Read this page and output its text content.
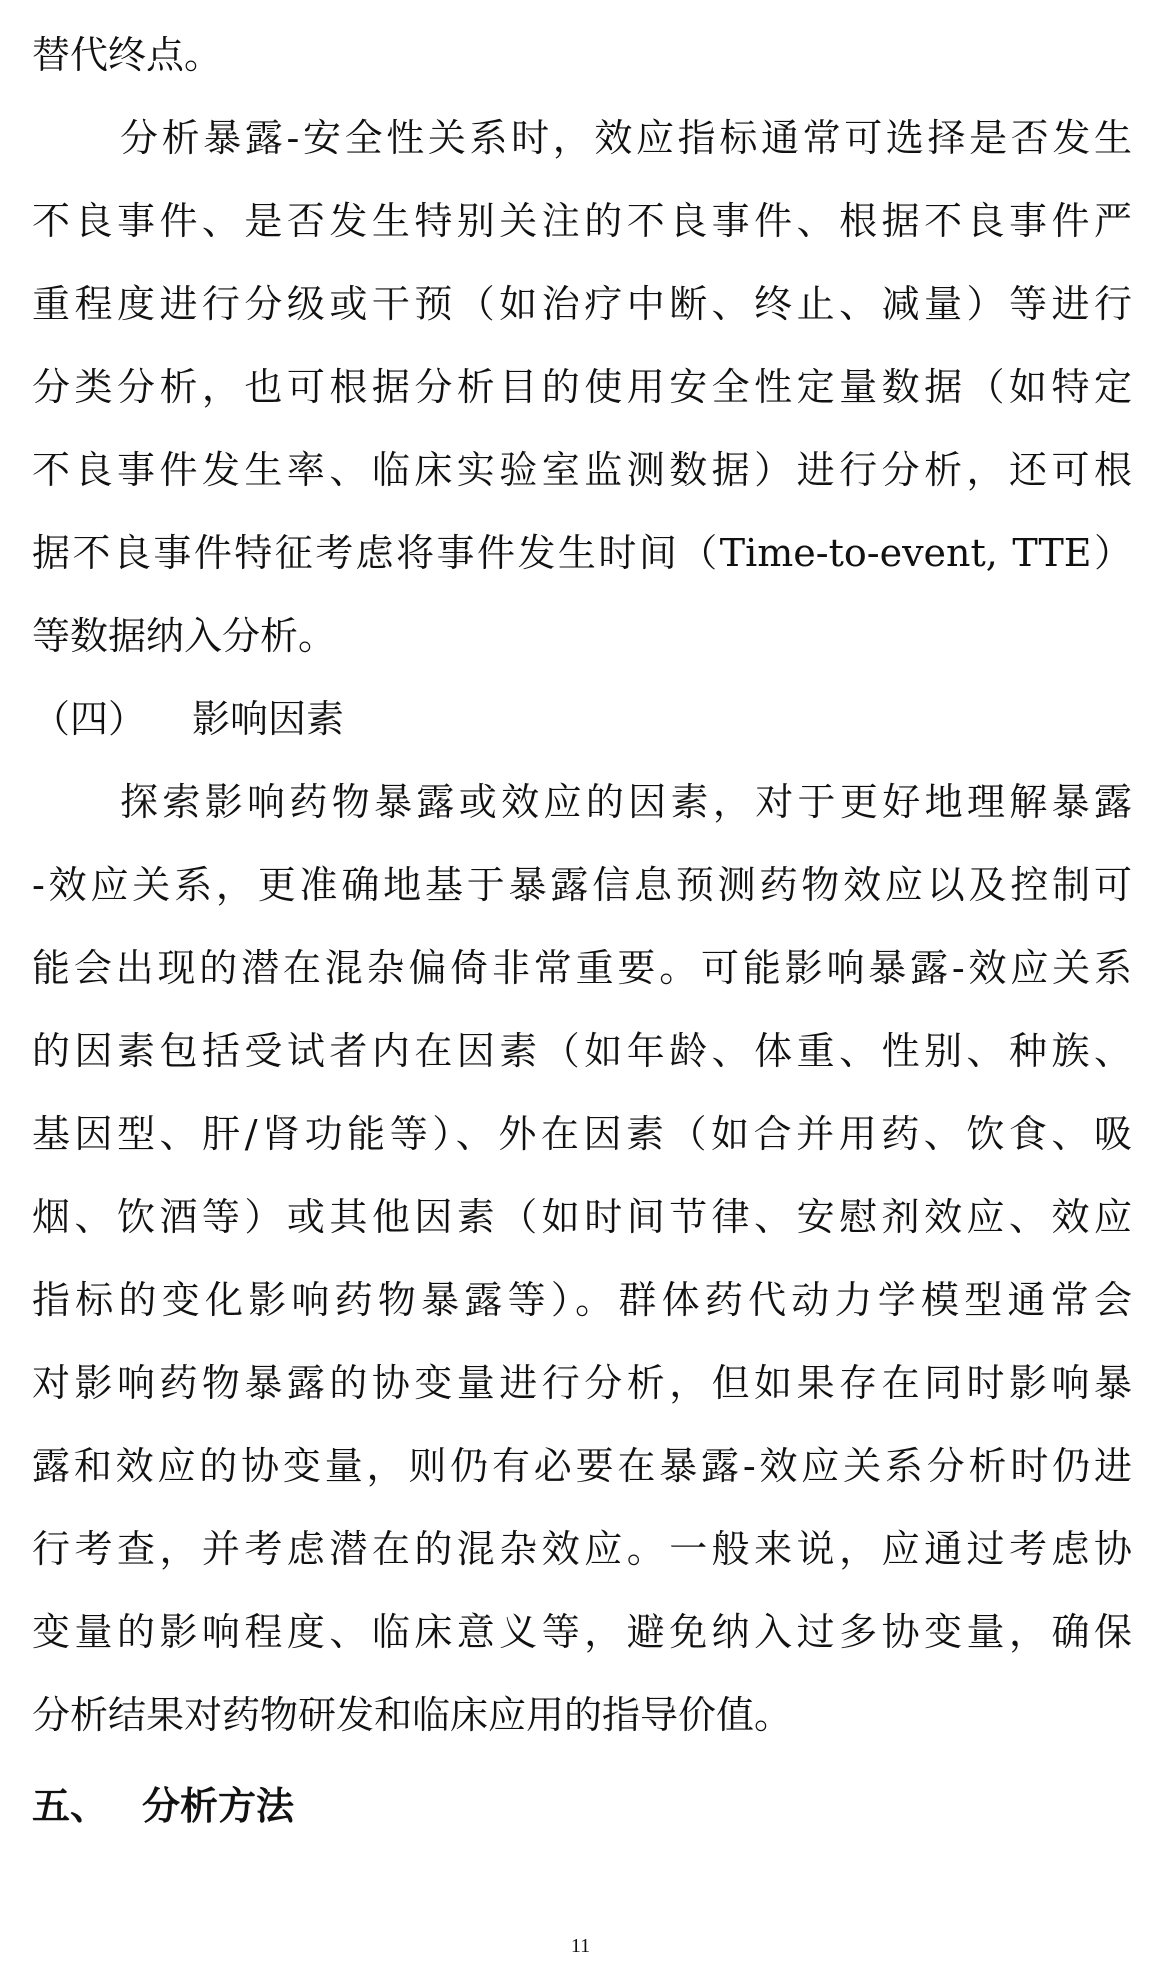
替代终点。
分析暴露-安全性关系时，效应指标通常可选择是否发生
不良事件、是否发生特别关注的不良事件、根据不良事件严
重程度进行分级或干预（如治疗中断、终止、减量）等进行
分类分析，也可根据分析目的使用安全性定量数据（如特定
不良事件发生率、临床实验室监测数据）进行分析，还可根
据不良事件特征考虑将事件发生时间（Time-to-event, TTE）
等数据纳入分析。
（四）	影响因素
探索影响药物暴露或效应的因素，对于更好地理解暴露
-效应关系，更准确地基于暴露信息预测药物效应以及控制可
能会出现的潜在混杂偏倚非常重要。可能影响暴露-效应关系
的因素包括受试者内在因素（如年龄、体重、性别、种族、
基因型、肝/肾功能等）、外在因素（如合并用药、饮食、吸
烟、饮酒等）或其他因素（如时间节律、安慰剂效应、效应
指标的变化影响药物暴露等）。群体药代动力学模型通常会
对影响药物暴露的协变量进行分析，但如果存在同时影响暴
露和效应的协变量，则仍有必要在暴露-效应关系分析时仍进
行考查，并考虑潜在的混杂效应。一般来说，应通过考虑协
变量的影响程度、临床意义等，避免纳入过多协变量，确保
分析结果对药物研发和临床应用的指导价值。
五、 分析方法
11
